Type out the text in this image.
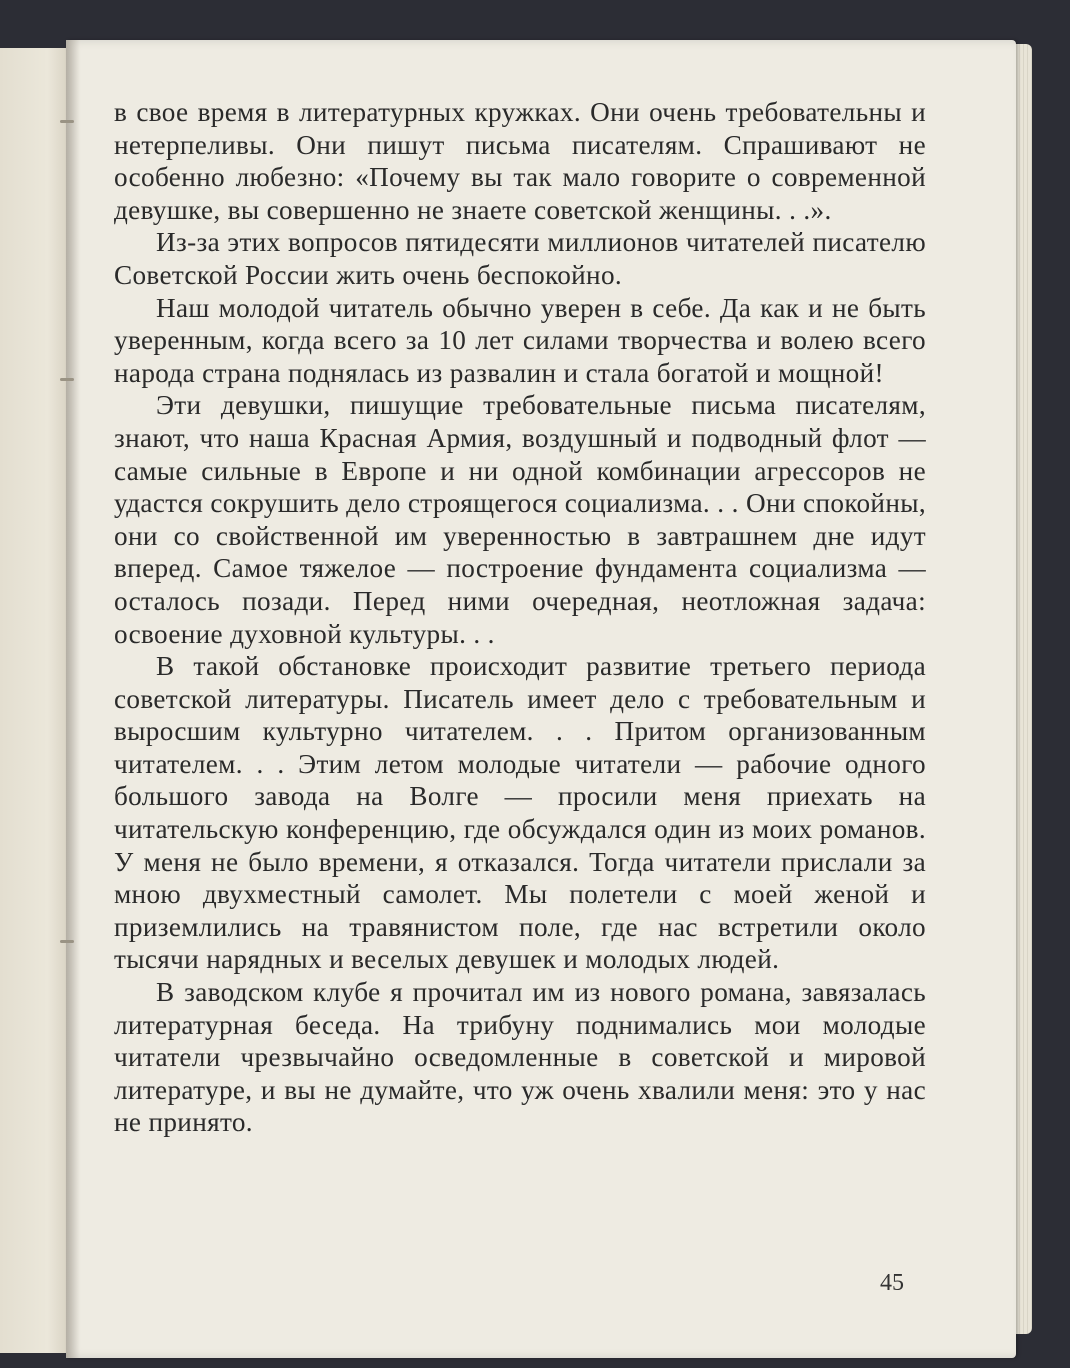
в свое время в литературных кружках. Они очень требовательны и нетерпеливы. Они пишут письма писателям. Спрашивают не особенно любезно: «Почему вы так мало говорите о современной девушке, вы совершенно не знаете советской женщины. . .».

Из-за этих вопросов пятидесяти миллионов читателей писателю Советской России жить очень беспокойно.

Наш молодой читатель обычно уверен в себе. Да как и не быть уверенным, когда всего за 10 лет силами творчества и волею всего народа страна поднялась из развалин и стала богатой и мощной!

Эти девушки, пишущие требовательные письма писателям, знают, что наша Красная Армия, воздушный и подводный флот — самые сильные в Европе и ни одной комбинации агрессоров не удастся сокрушить дело строящегося социализма. . . Они спокойны, они со свойственной им уверенностью в завтрашнем дне идут вперед. Самое тяжелое — построение фундамента социализма — осталось позади. Перед ними очередная, неотложная задача: освоение духовной культуры. . .

В такой обстановке происходит развитие третьего периода советской литературы. Писатель имеет дело с требовательным и выросшим культурно читателем. . . Притом организованным читателем. . . Этим летом молодые читатели — рабочие одного большого завода на Волге — просили меня приехать на читательскую конференцию, где обсуждался один из моих романов. У меня не было времени, я отказался. Тогда читатели прислали за мною двухместный самолет. Мы полетели с моей женой и приземлились на травянистом поле, где нас встретили около тысячи нарядных и веселых девушек и молодых людей.

В заводском клубе я прочитал им из нового романа, завязалась литературная беседа. На трибуну поднимались мои молодые читатели чрезвычайно осведомленные в советской и мировой литературе, и вы не думайте, что уж очень хвалили меня: это у нас не принято.

45
